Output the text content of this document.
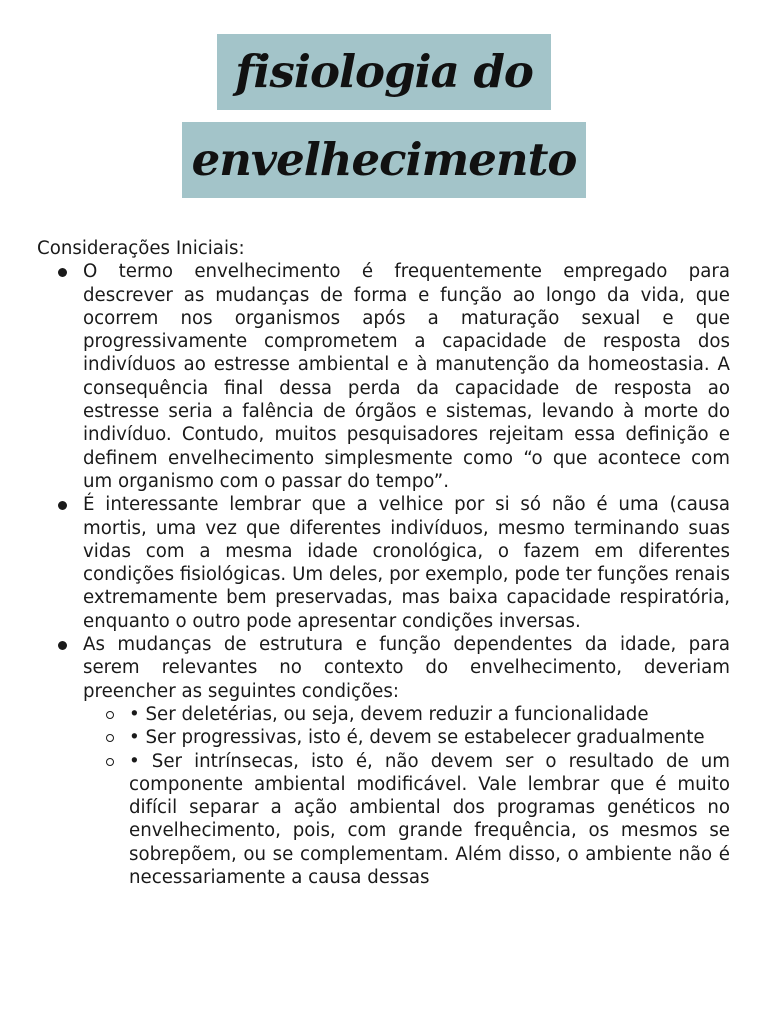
fisiologia do
envelhecimento

Considerações Iniciais:

O termo envelhecimento é frequentemente empregado para descrever as mudanças de forma e função ao longo da vida, que ocorrem nos organismos após a maturação sexual e que progressivamente comprometem a capacidade de resposta dos indivíduos ao estresse ambiental e à manutenção da homeostasia. A consequência final dessa perda da capacidade de resposta ao estresse seria a falência de órgãos e sistemas, levando à morte do indivíduo. Contudo, muitos pesquisadores rejeitam essa definição e definem envelhecimento simplesmente como “o que acontece com um organismo com o passar do tempo”.
É interessante lembrar que a velhice por si só não é uma (causa mortis, uma vez que diferentes indivíduos, mesmo terminando suas vidas com a mesma idade cronológica, o fazem em diferentes condições fisiológicas. Um deles, por exemplo, pode ter funções renais extremamente bem preservadas, mas baixa capacidade respiratória, enquanto o outro pode apresentar condições inversas.
As mudanças de estrutura e função dependentes da idade, para serem relevantes no contexto do envelhecimento, deveriam preencher as seguintes condições:
• Ser deletérias, ou seja, devem reduzir a funcionalidade
• Ser progressivas, isto é, devem se estabelecer gradualmente
• Ser intrínsecas, isto é, não devem ser o resultado de um componente ambiental modificável. Vale lembrar que é muito difícil separar a ação ambiental dos programas genéticos no envelhecimento, pois, com grande frequência, os mesmos se sobrepõem, ou se complementam. Além disso, o ambiente não é necessariamente a causa dessas
